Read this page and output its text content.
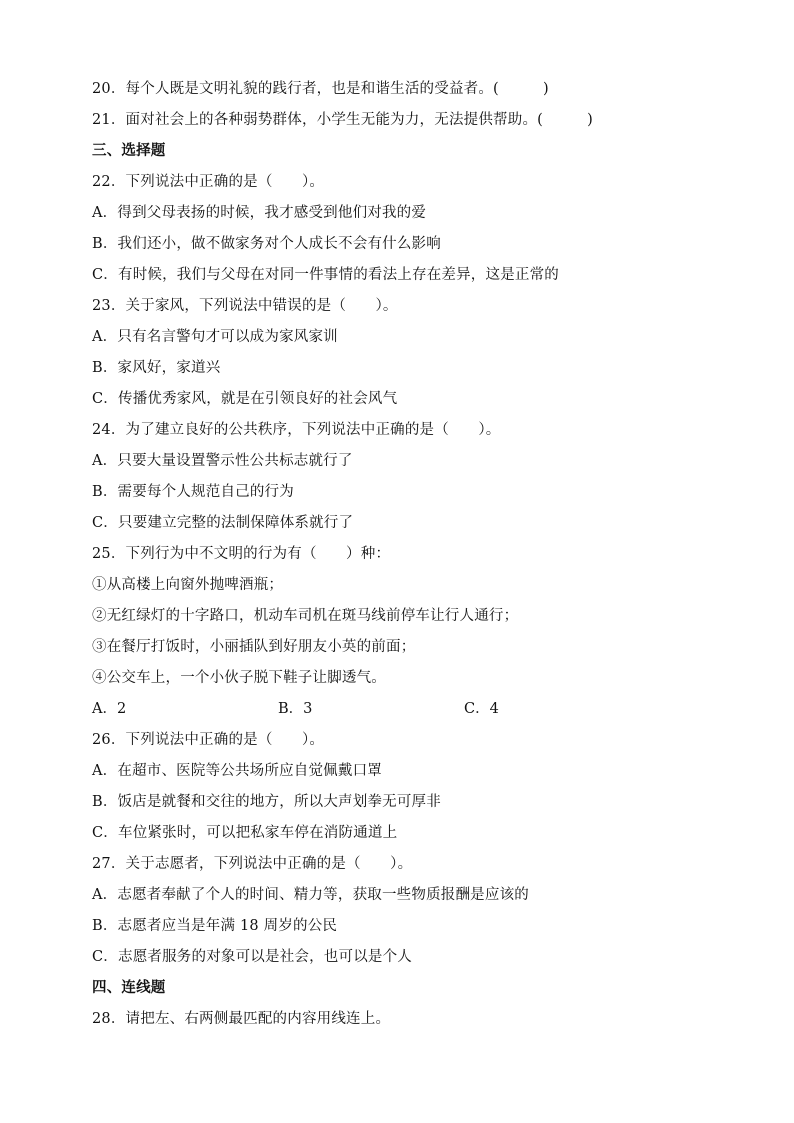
20．每个人既是文明礼貌的践行者，也是和谐生活的受益者。(　　　)
21．面对社会上的各种弱势群体，小学生无能为力，无法提供帮助。(　　　)
三、选择题
22．下列说法中正确的是（　　）。
A．得到父母表扬的时候，我才感受到他们对我的爱
B．我们还小，做不做家务对个人成长不会有什么影响
C．有时候，我们与父母在对同一件事情的看法上存在差异，这是正常的
23．关于家风，下列说法中错误的是（　　）。
A．只有名言警句才可以成为家风家训
B．家风好，家道兴
C．传播优秀家风，就是在引领良好的社会风气
24．为了建立良好的公共秩序，下列说法中正确的是（　　）。
A．只要大量设置警示性公共标志就行了
B．需要每个人规范自己的行为
C．只要建立完整的法制保障体系就行了
25．下列行为中不文明的行为有（　　）种：
①从高楼上向窗外抛啤酒瓶；
②无红绿灯的十字路口，机动车司机在斑马线前停车让行人通行；
③在餐厅打饭时，小丽插队到好朋友小英的前面；
④公交车上，一个小伙子脱下鞋子让脚透气。
A．2	B．3	C．4
26．下列说法中正确的是（　　）。
A．在超市、医院等公共场所应自觉佩戴口罩
B．饭店是就餐和交往的地方，所以大声划拳无可厚非
C．车位紧张时，可以把私家车停在消防通道上
27．关于志愿者，下列说法中正确的是（　　）。
A．志愿者奉献了个人的时间、精力等，获取一些物质报酬是应该的
B．志愿者应当是年满 18 周岁的公民
C．志愿者服务的对象可以是社会，也可以是个人
四、连线题
28．请把左、右两侧最匹配的内容用线连上。
